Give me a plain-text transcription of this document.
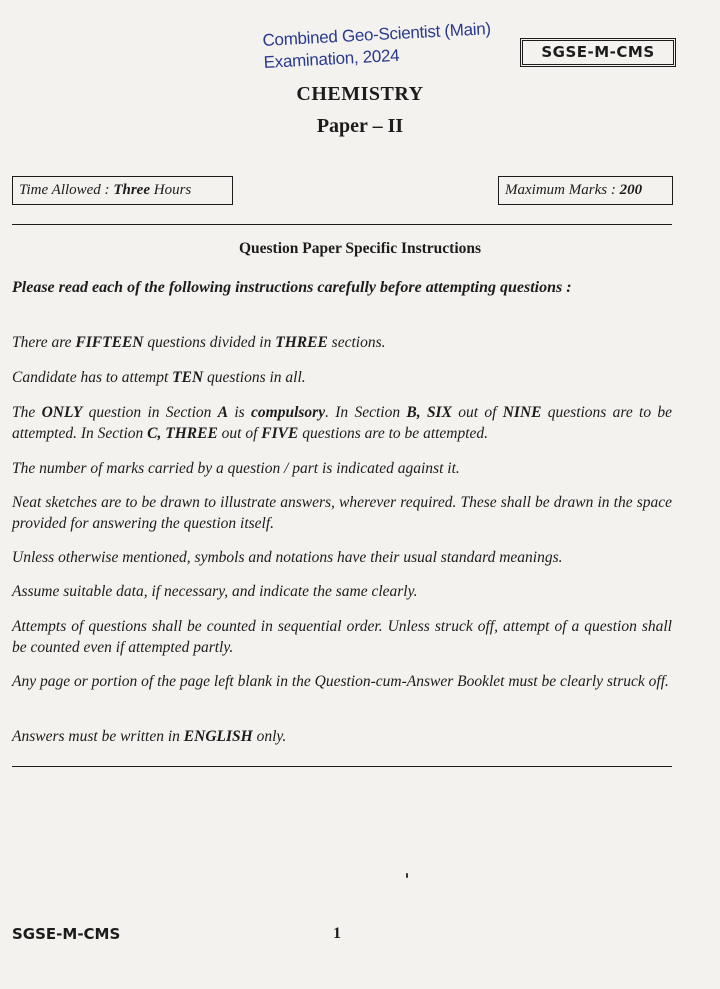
Combined Geo-Scientist (Main)
Examination, 2024	SGSE-M-CMS
CHEMISTRY
Paper – II
Time Allowed : Three Hours	Maximum Marks : 200
Question Paper Specific Instructions
Please read each of the following instructions carefully before attempting questions :
There are FIFTEEN questions divided in THREE sections.
Candidate has to attempt TEN questions in all.
The ONLY question in Section A is compulsory. In Section B, SIX out of NINE questions are to be attempted. In Section C, THREE out of FIVE questions are to be attempted.
The number of marks carried by a question / part is indicated against it.
Neat sketches are to be drawn to illustrate answers, wherever required. These shall be drawn in the space provided for answering the question itself.
Unless otherwise mentioned, symbols and notations have their usual standard meanings.
Assume suitable data, if necessary, and indicate the same clearly.
Attempts of questions shall be counted in sequential order. Unless struck off, attempt of a question shall be counted even if attempted partly.
Any page or portion of the page left blank in the Question-cum-Answer Booklet must be clearly struck off.
Answers must be written in ENGLISH only.
SGSE-M-CMS	1
